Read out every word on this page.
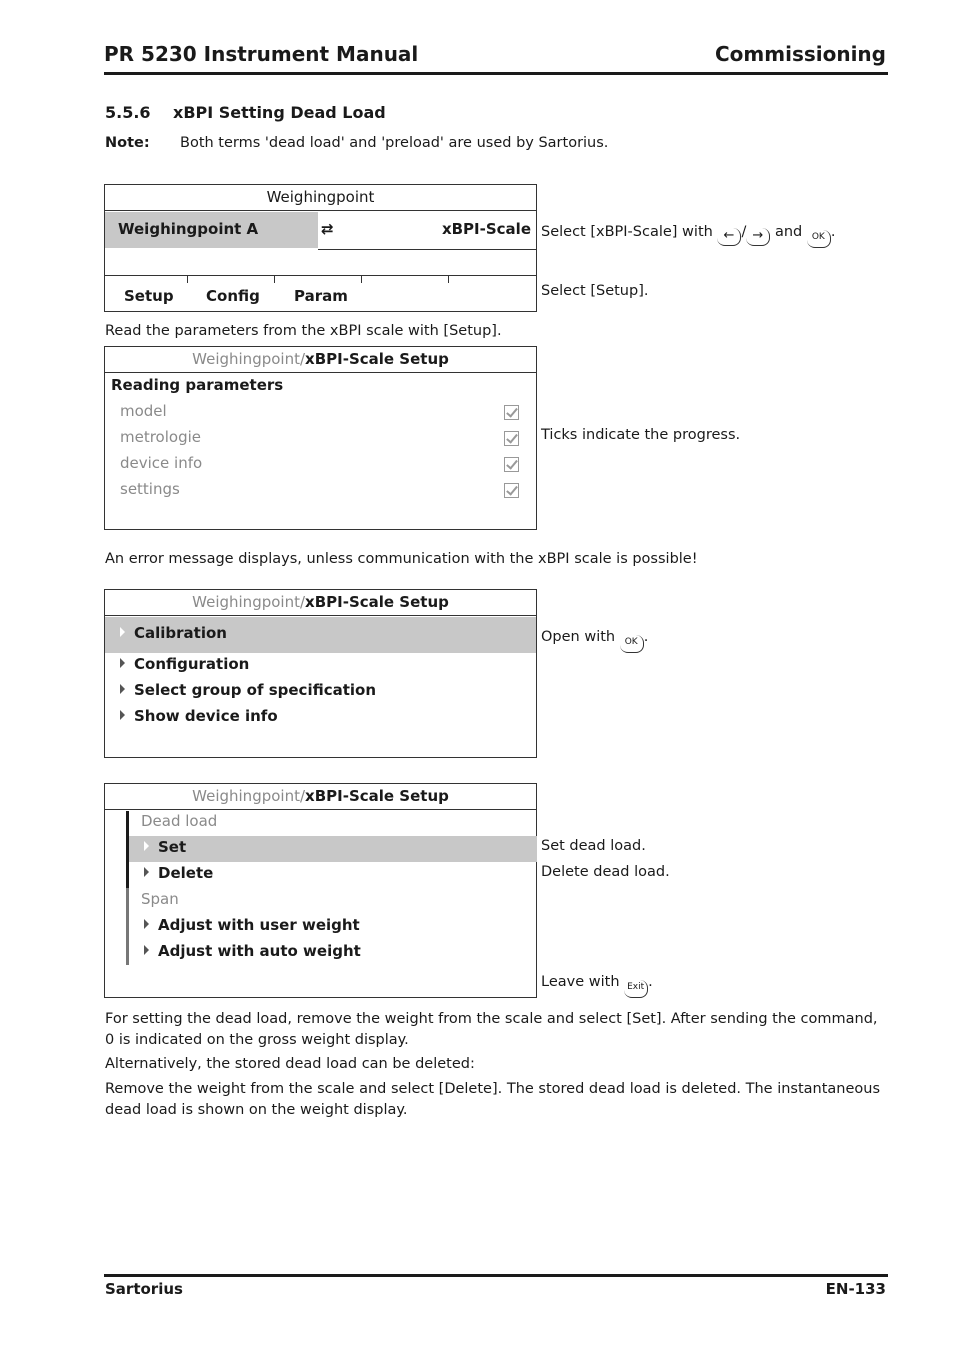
PR 5230 Instrument Manual	Commissioning
5.5.6 xBPI Setting Dead Load
Note: Both terms 'dead load' and 'preload' are used by Sartorius.
Weighingpoint
Weighingpoint A	⇄	xBPI-Scale
Setup Config Param
Select [xBPI-Scale] with ← / → and OK .
Select [Setup].
Read the parameters from the xBPI scale with [Setup].
Weighingpoint/xBPI-Scale Setup
Reading parameters
model
metrologie
device info
settings
Ticks indicate the progress.
An error message displays, unless communication with the xBPI scale is possible!
Weighingpoint/xBPI-Scale Setup
Calibration
Configuration
Select group of specification
Show device info
Open with OK .
Weighingpoint/xBPI-Scale Setup
Dead load
Set
Delete
Span
Adjust with user weight
Adjust with auto weight
Set dead load.
Delete dead load.
Leave with Exit .
For setting the dead load, remove the weight from the scale and select [Set]. After sending the command, 0 is indicated on the gross weight display.
Alternatively, the stored dead load can be deleted:
Remove the weight from the scale and select [Delete]. The stored dead load is deleted. The instantaneous dead load is shown on the weight display.
Sartorius	EN-133
